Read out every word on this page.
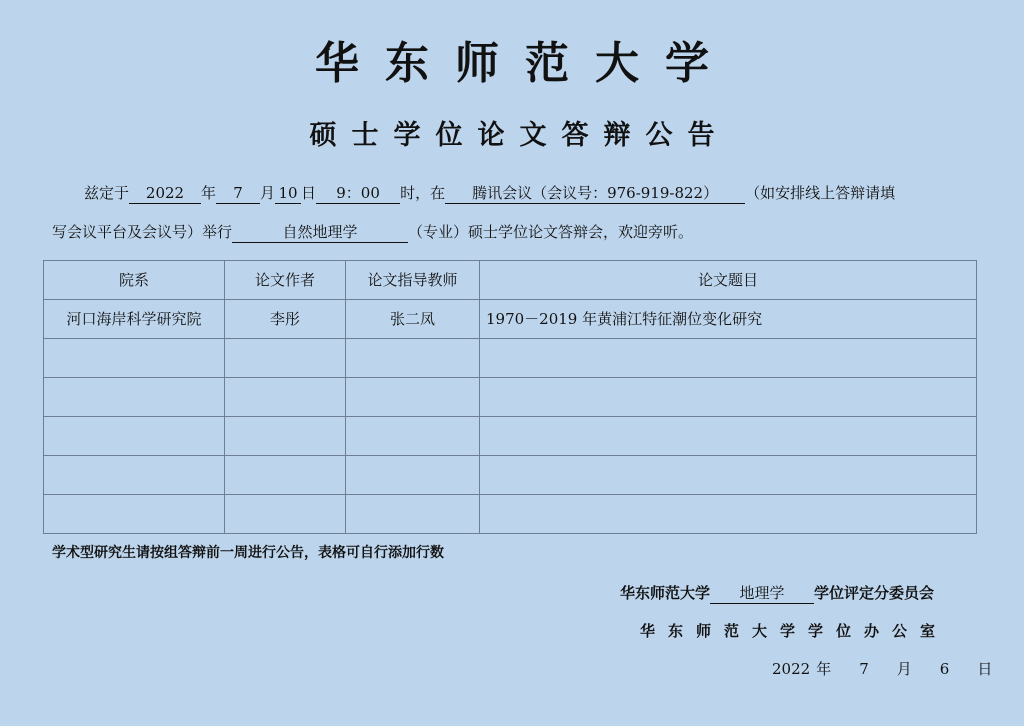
华东师范大学
硕士学位论文答辩公告
兹定于 2022 年 7 月 10 日 9：00 时，在 腾讯会议（会议号：976-919-822） （如安排线上答辩请填
写会议平台及会议号）举行	自然地理学	（专业）硕士学位论文答辩会，欢迎旁听。
院系	论文作者	论文指导教师	论文题目
河口海岸科学研究院	李彤	张二凤	1970－2019 年黄浦江特征潮位变化研究

学术型研究生请按组答辩前一周进行公告，表格可自行添加行数
华东师范大学 地理学 学位评定分委员会
华东师范大学学位办公室
2022 年 7 月 6 日
